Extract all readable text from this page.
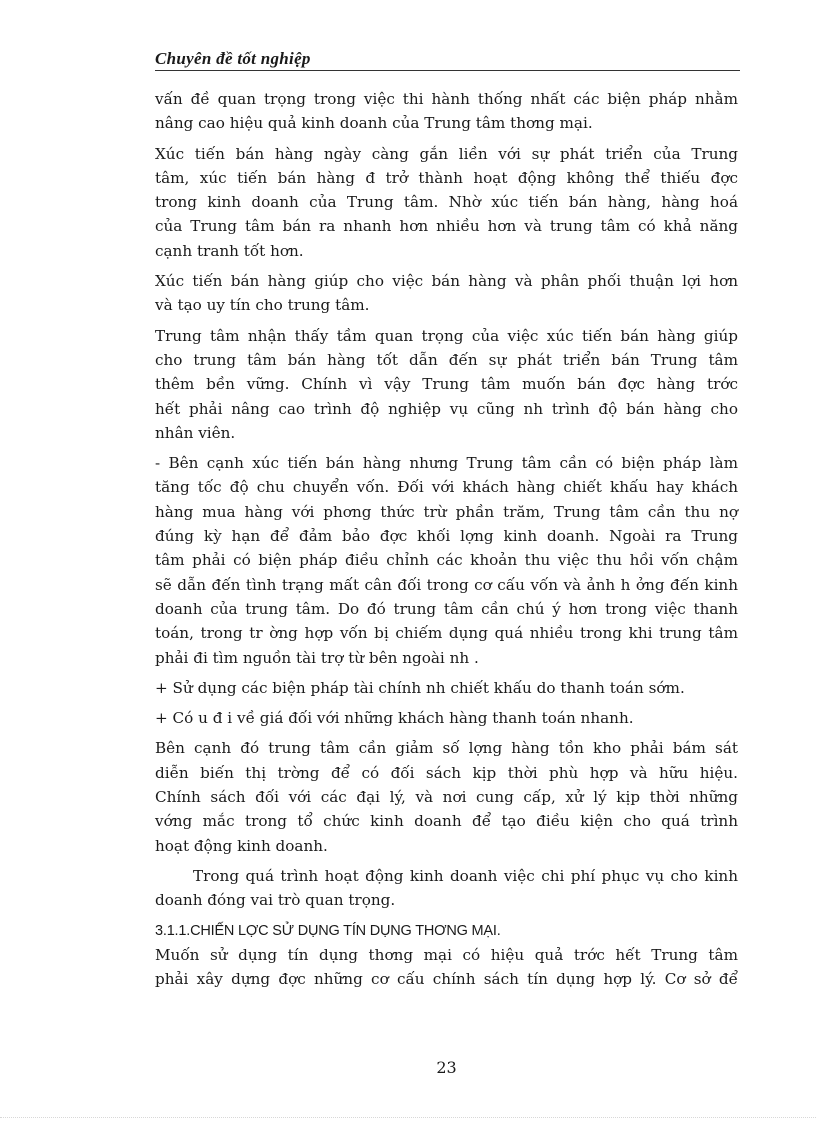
Chuyên đề tốt nghiệp

vấn đề quan trọng trong việc thi hành thống nhất các biện pháp nhằm
nâng cao hiệu quả kinh doanh của Trung tâm thơng mại.

Xúc tiến bán hàng ngày càng gắn liền với sự phát triển của Trung
tâm, xúc tiến bán hàng đ trở thành hoạt động không thể thiếu đợc
trong kinh doanh của Trung tâm. Nhờ xúc tiến bán hàng, hàng hoá
của Trung tâm bán ra nhanh hơn nhiều hơn và trung tâm có khả năng
cạnh tranh tốt hơn.

Xúc tiến bán hàng giúp cho việc bán hàng và phân phối thuận lợi hơn
và tạo uy tín cho trung tâm.

Trung tâm nhận thấy tầm quan trọng của việc xúc tiến bán hàng giúp
cho trung tâm bán hàng tốt dẫn đến sự phát triển bán Trung tâm
thêm bền vững. Chính vì vậy Trung tâm muốn bán đợc hàng trớc
hết phải nâng cao trình độ nghiệp vụ cũng nh trình độ bán hàng cho
nhân viên.

- Bên cạnh xúc tiến bán hàng nhưng Trung tâm cần có biện pháp làm
tăng tốc độ chu chuyển vốn. Đối với khách hàng chiết khấu hay khách
hàng mua hàng với phơng thức trừ phần trăm, Trung tâm cần thu nợ
đúng kỳ hạn để đảm bảo đợc khối lợng kinh doanh. Ngoài ra Trung
tâm phải có biện pháp điều chỉnh các khoản thu việc thu hồi vốn chậm
sẽ dẫn đến tình trạng mất cân đối trong cơ cấu vốn và ảnh h ởng đến kinh
doanh của trung tâm. Do đó trung tâm cần chú ý hơn trong việc thanh
toán, trong tr ờng hợp vốn bị chiếm dụng quá nhiều trong khi trung tâm
phải đi tìm nguồn tài trợ từ bên ngoài nh .

+ Sử dụng các biện pháp tài chính nh chiết khấu do thanh toán sớm.

+ Có u đ i về giá đối với những khách hàng thanh toán nhanh.

Bên cạnh đó trung tâm cần giảm số lợng hàng tồn kho phải bám sát
diễn biến thị trờng để có đối sách kịp thời phù hợp và hữu hiệu.
Chính sách đối với các đại lý, và nơi cung cấp, xử lý kịp thời những
vớng mắc trong tổ chức kinh doanh để tạo điều kiện cho quá trình
hoạt động kinh doanh.

Trong quá trình hoạt động kinh doanh việc chi phí phục vụ cho kinh
doanh đóng vai trò quan trọng.

3.1.1.CHIẾN LỢC SỬ DỤNG TÍN DỤNG THƠNG MẠI.

Muốn sử dụng tín dụng thơng mại có hiệu quả trớc hết Trung tâm
phải xây dựng đợc những cơ cấu chính sách tín dụng hợp lý. Cơ sở để

23
